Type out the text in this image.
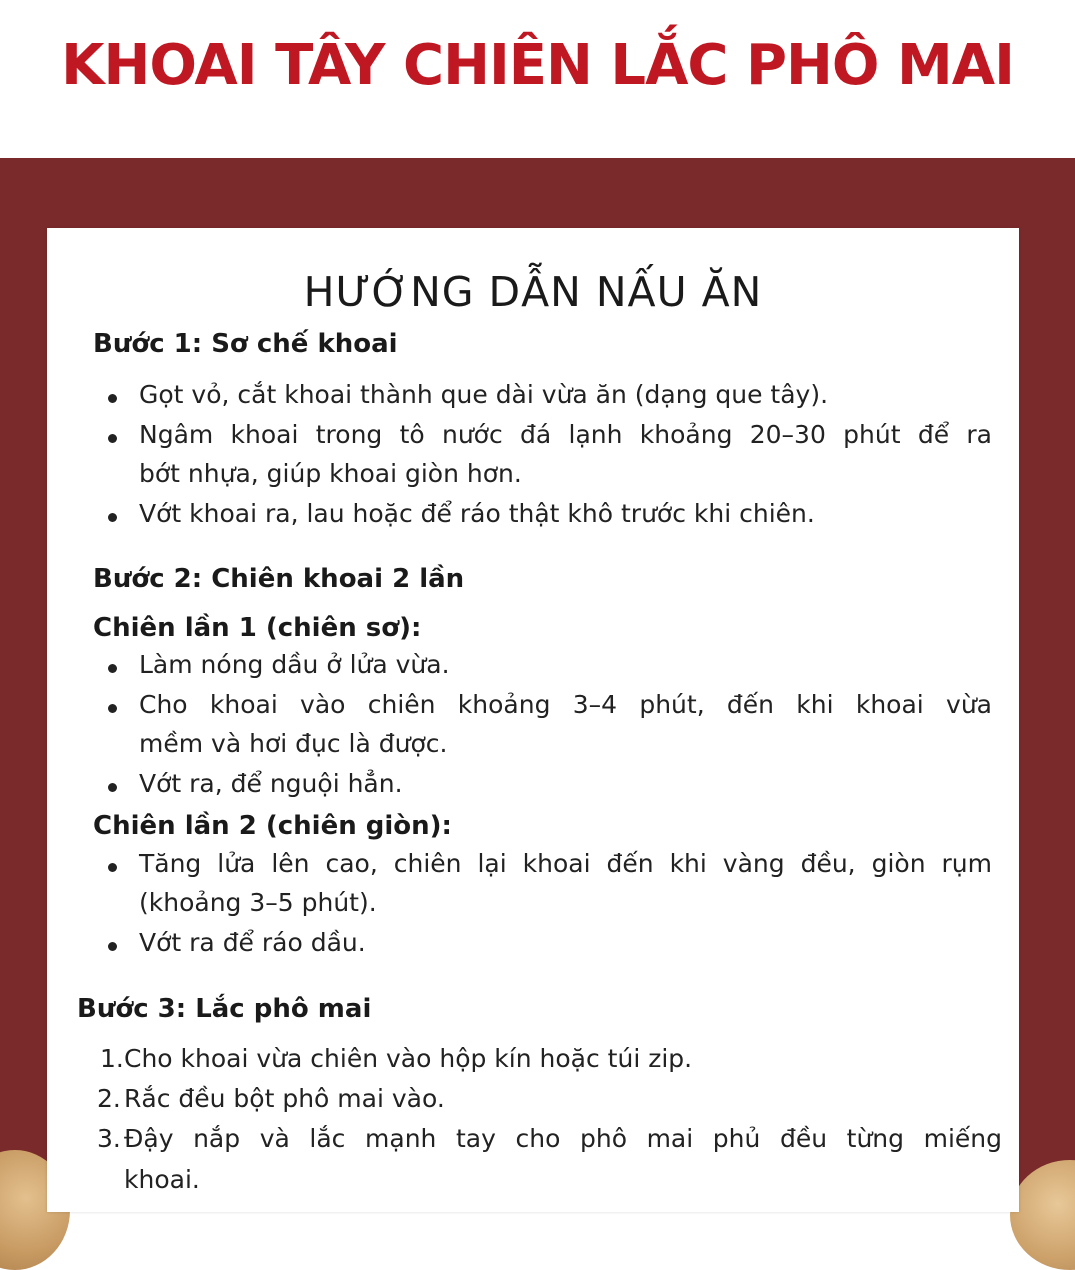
KHOAI TÂY CHIÊN LẮC PHÔ MAI
HƯỚNG DẪN NẤU ĂN
Bước 1: Sơ chế khoai
Gọt vỏ, cắt khoai thành que dài vừa ăn (dạng que tây).
Ngâm khoai trong tô nước đá lạnh khoảng 20–30 phút để ra
bớt nhựa, giúp khoai giòn hơn.
Vớt khoai ra, lau hoặc để ráo thật khô trước khi chiên.
Bước 2: Chiên khoai 2 lần
Chiên lần 1 (chiên sơ):
Làm nóng dầu ở lửa vừa.
Cho khoai vào chiên khoảng 3–4 phút, đến khi khoai vừa
mềm và hơi đục là được.
Vớt ra, để nguội hẳn.
Chiên lần 2 (chiên giòn):
Tăng lửa lên cao, chiên lại khoai đến khi vàng đều, giòn rụm
(khoảng 3–5 phút).
Vớt ra để ráo dầu.
Bước 3: Lắc phô mai
1. Cho khoai vừa chiên vào hộp kín hoặc túi zip.
2. Rắc đều bột phô mai vào.
3. Đậy nắp và lắc mạnh tay cho phô mai phủ đều từng miếng
khoai.
